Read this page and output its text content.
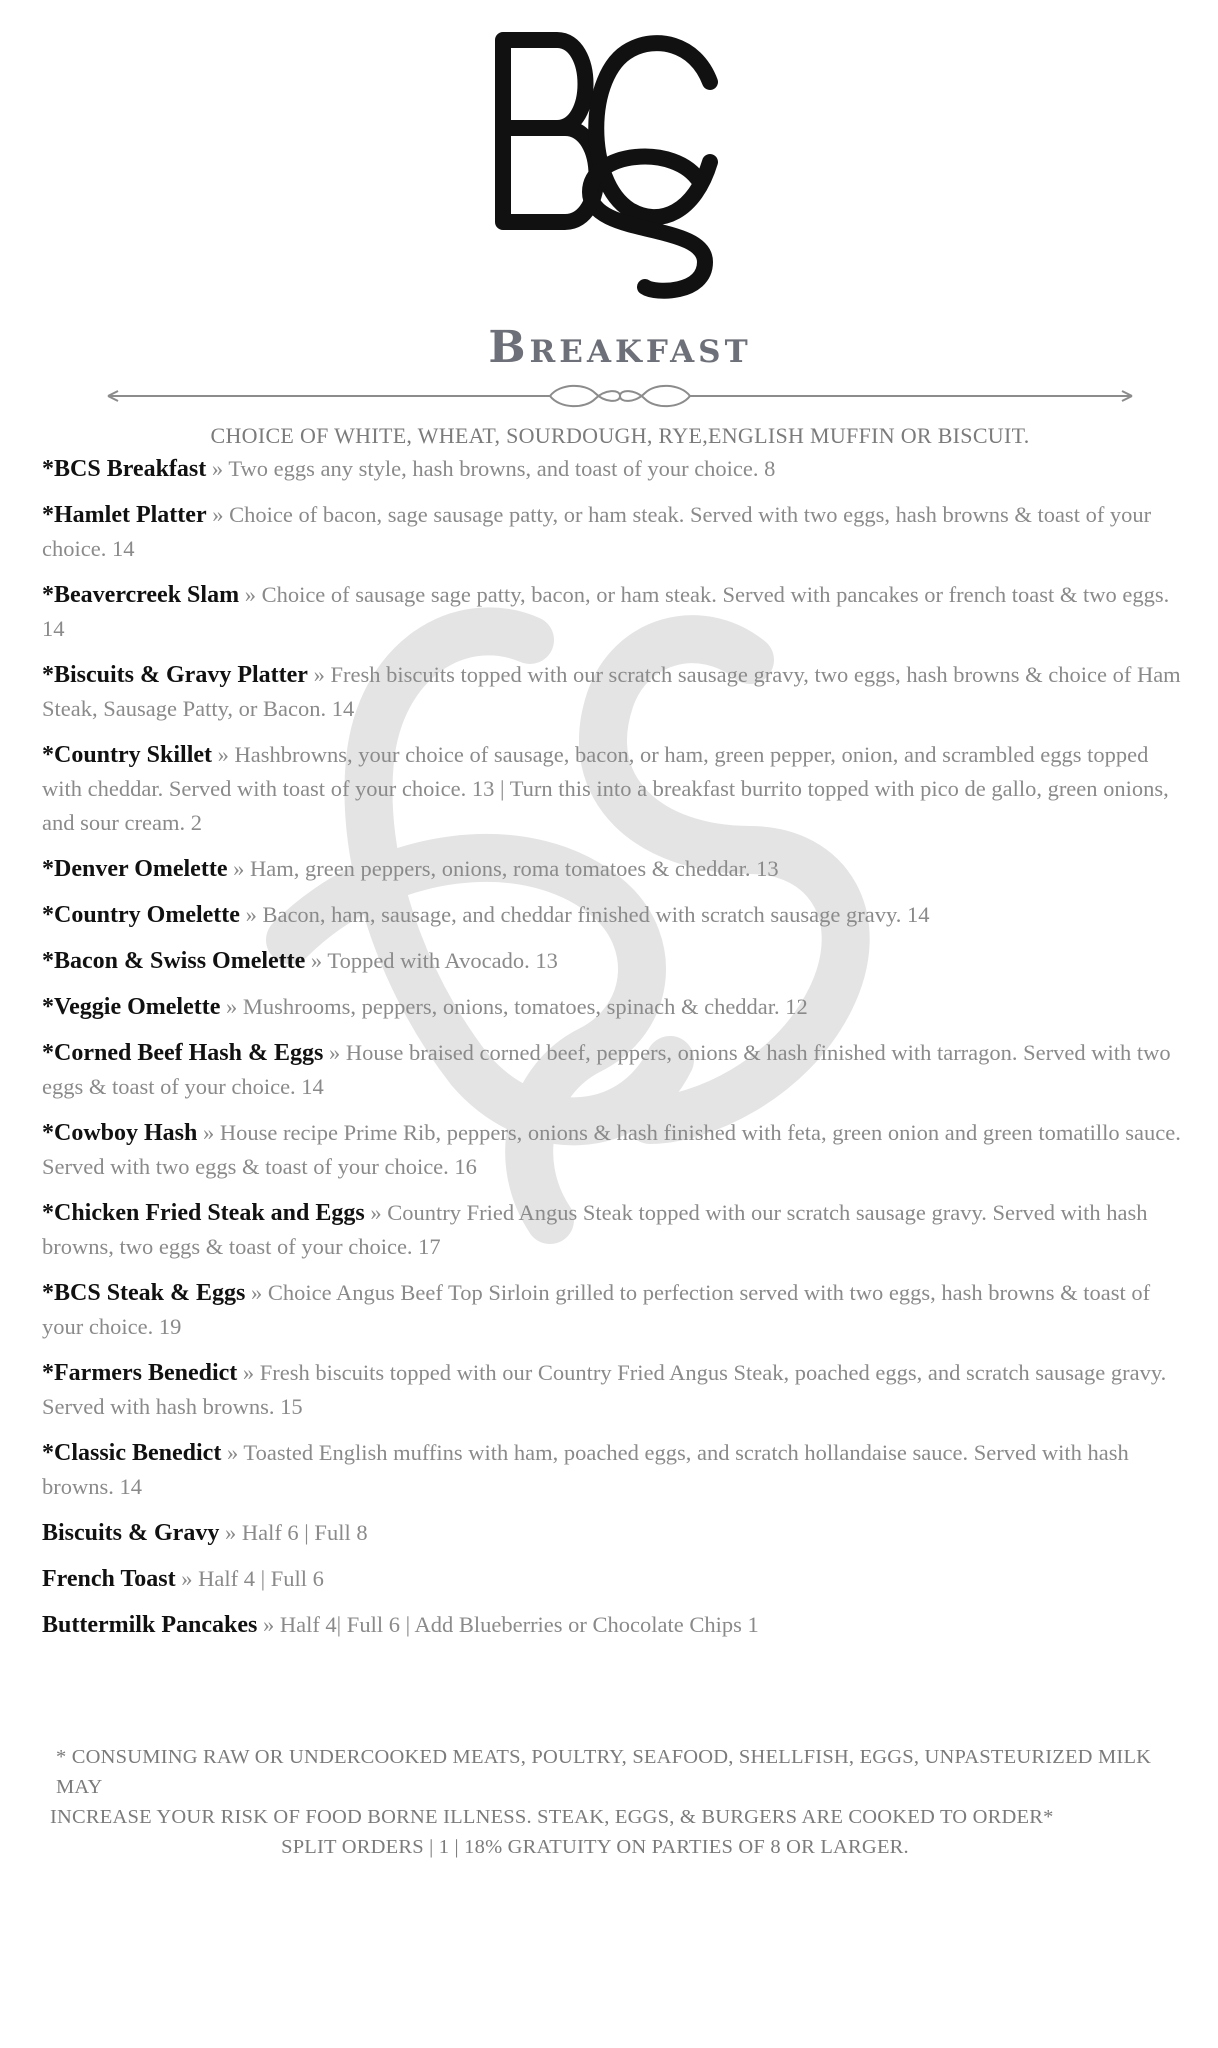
Breakfast
CHOICE OF WHITE, WHEAT, SOURDOUGH, RYE,ENGLISH MUFFIN OR BISCUIT.
*BCS Breakfast » Two eggs any style, hash browns, and toast of your choice. 8
*Hamlet Platter » Choice of bacon, sage sausage patty, or ham steak. Served with two eggs, hash browns & toast of your choice. 14
*Beavercreek Slam » Choice of sausage sage patty, bacon, or ham steak. Served with pancakes or french toast & two eggs. 14
*Biscuits & Gravy Platter » Fresh biscuits topped with our scratch sausage gravy, two eggs, hash browns & choice of Ham Steak, Sausage Patty, or Bacon. 14
*Country Skillet » Hashbrowns, your choice of sausage, bacon, or ham, green pepper, onion, and scrambled eggs topped with cheddar. Served with toast of your choice. 13 | Turn this into a breakfast burrito topped with pico de gallo, green onions, and sour cream. 2
*Denver Omelette » Ham, green peppers, onions, roma tomatoes & cheddar. 13
*Country Omelette » Bacon, ham, sausage, and cheddar finished with scratch sausage gravy. 14
*Bacon & Swiss Omelette » Topped with Avocado. 13
*Veggie Omelette » Mushrooms, peppers, onions, tomatoes, spinach & cheddar. 12
*Corned Beef Hash & Eggs » House braised corned beef, peppers, onions & hash finished with tarragon. Served with two eggs & toast of your choice. 14
*Cowboy Hash » House recipe Prime Rib, peppers, onions & hash finished with feta, green onion and green tomatillo sauce. Served with two eggs & toast of your choice. 16
*Chicken Fried Steak and Eggs » Country Fried Angus Steak topped with our scratch sausage gravy. Served with hash browns, two eggs & toast of your choice. 17
*BCS Steak & Eggs » Choice Angus Beef Top Sirloin grilled to perfection served with two eggs, hash browns & toast of your choice. 19
*Farmers Benedict » Fresh biscuits topped with our Country Fried Angus Steak, poached eggs, and scratch sausage gravy. Served with hash browns. 15
*Classic Benedict » Toasted English muffins with ham, poached eggs, and scratch hollandaise sauce. Served with hash browns. 14
Biscuits & Gravy » Half 6 | Full 8
French Toast » Half 4 | Full 6
Buttermilk Pancakes » Half 4| Full 6 | Add Blueberries or Chocolate Chips 1
* CONSUMING RAW OR UNDERCOOKED MEATS, POULTRY, SEAFOOD, SHELLFISH, EGGS, UNPASTEURIZED MILK MAY
INCREASE YOUR RISK OF FOOD BORNE ILLNESS. STEAK, EGGS, & BURGERS ARE COOKED TO ORDER*
SPLIT ORDERS | 1 | 18% GRATUITY ON PARTIES OF 8 OR LARGER.
